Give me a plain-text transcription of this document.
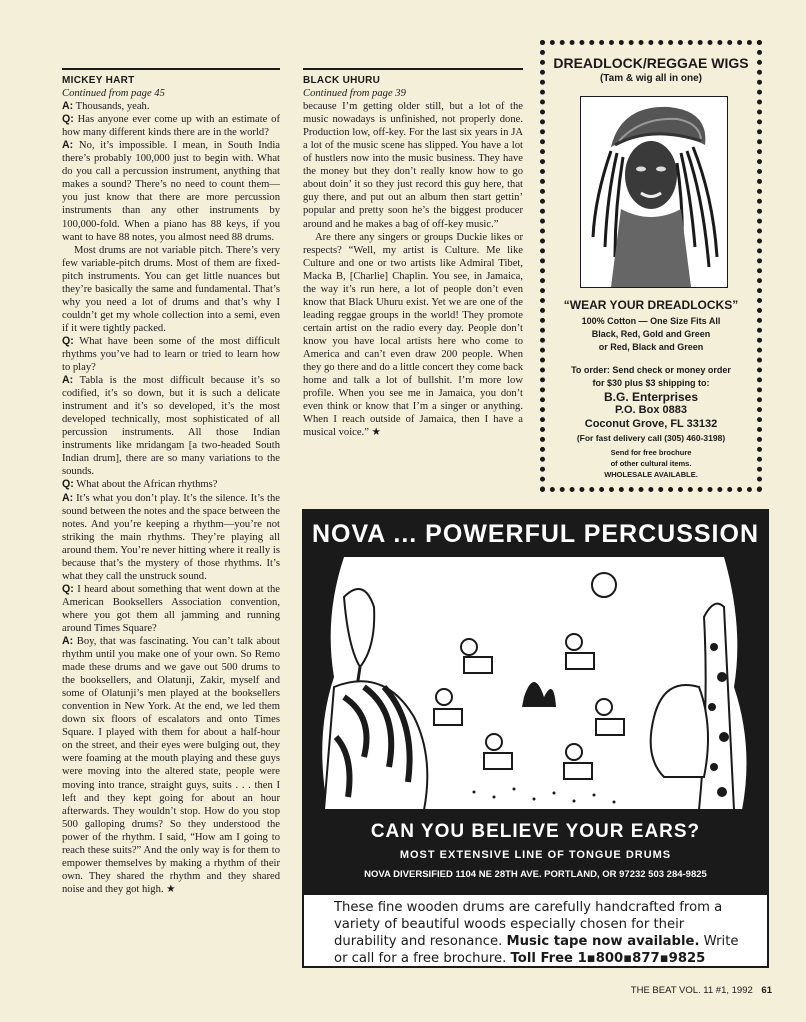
MICKEY HART
Continued from page 45

A: Thousands, yeah.

Q: Has anyone ever come up with an estimate of how many different kinds there are in the world?

A: No, it’s impossible. I mean, in South India there’s probably 100,000 just to begin with. What do you call a percussion instrument, anything that makes a sound? There’s no need to count them—you just know that there are more percussion instruments than any other instruments by 100,000-fold. When a piano has 88 keys, if you want to have 88 notes, you almost need 88 drums.

Most drums are not variable pitch. There’s very few variable-pitch drums. Most of them are fixed-pitch instruments. You can get little nuances but they’re basically the same and fundamental. That’s why you need a lot of drums and that’s why I couldn’t get my whole collection into a semi, even if it were tightly packed.

Q: What have been some of the most difficult rhythms you’ve had to learn or tried to learn how to play?

A: Tabla is the most difficult because it’s so codified, it’s so down, but it is such a delicate instrument and it’s so developed, it’s the most developed technically, most sophisticated of all percussion instruments. All those Indian instruments like mridangam [a two-headed South Indian drum], there are so many variations to the sounds.

Q: What about the African rhythms?

A: It’s what you don’t play. It’s the silence. It’s the sound between the notes and the space between the notes. And you’re keeping a rhythm—you’re not striking the main rhythms. They’re playing all around them. You’re never hitting where it really is because that’s the mystery of those rhythms. It’s what they call the unstruck sound.

Q: I heard about something that went down at the American Booksellers Association convention, where you got them all jamming and running around Times Square?

A: Boy, that was fascinating. You can’t talk about rhythm until you make one of your own. So Remo made these drums and we gave out 500 drums to the booksellers, and Olatunji, Zakir, myself and some of Olatunji’s men played at the booksellers convention in New York. At the end, we led them down six floors of escalators and onto Times Square. I played with them for about a half-hour on the street, and their eyes were bulging out, they were foaming at the mouth playing and these guys were moving into the altered state, people were moving into trance, straight guys, suits . . . then I left and they kept going for about an hour afterwards. They wouldn’t stop. How do you stop 500 galloping drums? So they understood the power of the rhythm. I said, “How am I going to reach these suits?” And the only way is for them to empower themselves by making a rhythm of their own. They shared the rhythm and they shared noise and they got high. ★

BLACK UHURU
Continued from page 39

because I’m getting older still, but a lot of the music nowadays is unfinished, not properly done. Production low, off-key. For the last six years in JA a lot of the music scene has slipped. You have a lot of hustlers now into the music business. They have the money but they don’t really know how to go about doin’ it so they just record this guy here, that guy there, and put out an album then start gettin’ popular and pretty soon he’s the biggest producer around and he makes a bag of off-key music.”

Are there any singers or groups Duckie likes or respects? “Well, my artist is Culture. Me like Culture and one or two artists like Admiral Tibet, Macka B, [Charlie] Chaplin. You see, in Jamaica, the way it’s run here, a lot of people don’t even know that Black Uhuru exist. Yet we are one of the leading reggae groups in the world! They promote certain artist on the radio every day. People don’t know you have local artists here who come to America and can’t even draw 200 people. When they go there and do a little concert they come back home and talk a lot of bullshit. I’m more low profile. When you see me in Jamaica, you don’t even think or know that I’m a singer or anything. When I reach outside of Jamaica, then I have a musical voice.” ★

DREADLOCK/REGGAE WIGS
(Tam & wig all in one)
“WEAR YOUR DREADLOCKS”
100% Cotton — One Size Fits All
Black, Red, Gold and Green
or Red, Black and Green
To order: Send check or money order
for $30 plus $3 shipping to:
B.G. Enterprises
P.O. Box 0883
Coconut Grove, FL 33132
(For fast delivery call (305) 460-3198)
Send for free brochure
of other cultural items.
WHOLESALE AVAILABLE.
NOVA ... POWERFUL PERCUSSION
CAN YOU BELIEVE YOUR EARS?
MOST EXTENSIVE LINE OF TONGUE DRUMS
NOVA DIVERSIFIED 1104 NE 28TH AVE. PORTLAND, OR 97232 503 284-9825
These fine wooden drums are carefully handcrafted from a variety of beautiful woods especially chosen for their durability and resonance. Music tape now available. Write or call for a free brochure. Toll Free 1▪800▪877▪9825
THE BEAT VOL. 11 #1, 1992 61
